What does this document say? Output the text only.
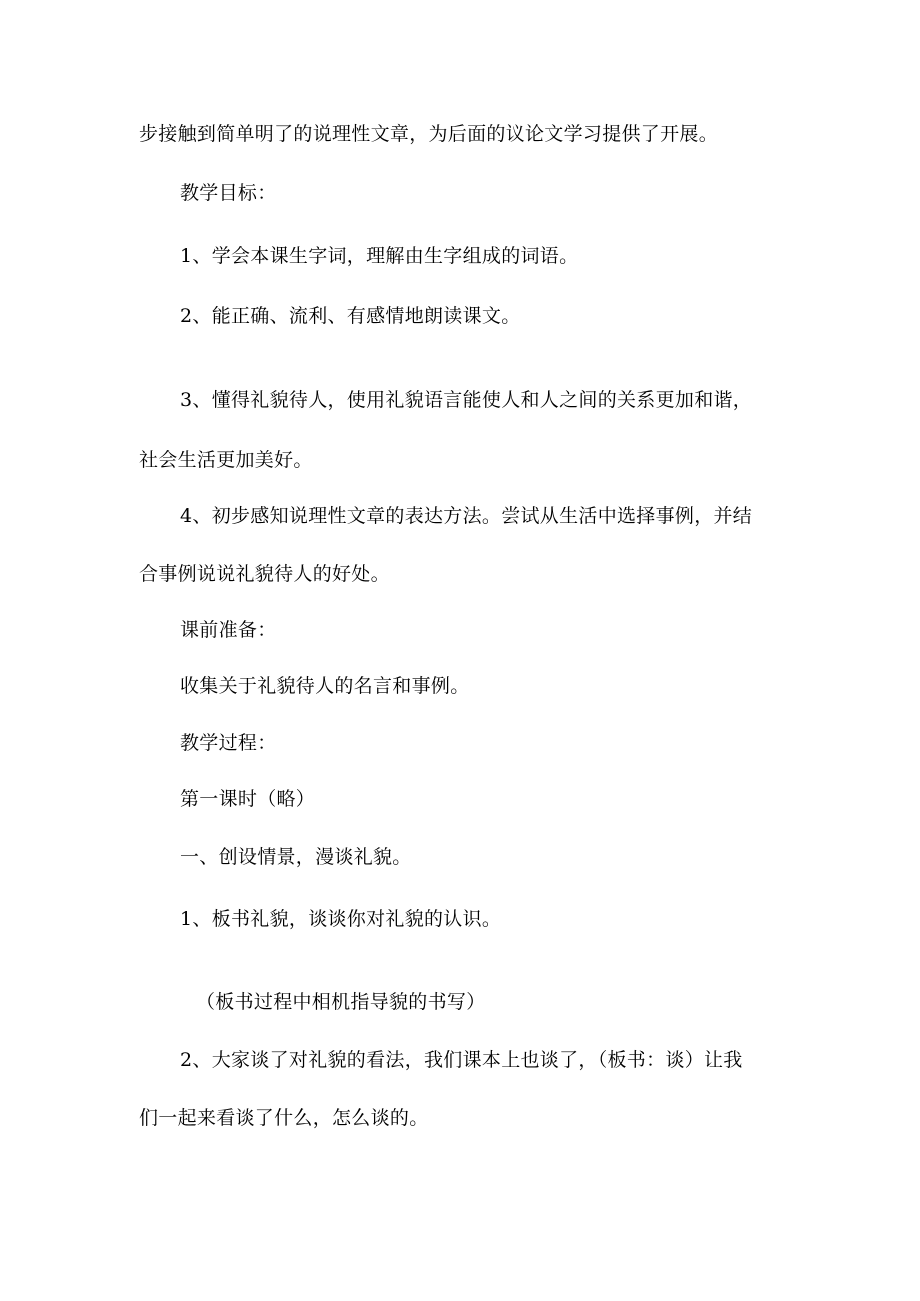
步接触到简单明了的说理性文章，为后面的议论文学习提供了开展。
教学目标：
1、学会本课生字词，理解由生字组成的词语。
2、能正确、流利、有感情地朗读课文。
3、懂得礼貌待人，使用礼貌语言能使人和人之间的关系更加和谐，
社会生活更加美好。
4、初步感知说理性文章的表达方法。尝试从生活中选择事例，并结
合事例说说礼貌待人的好处。
课前准备：
收集关于礼貌待人的名言和事例。
教学过程：
第一课时（略）
一、创设情景，漫谈礼貌。
1、板书礼貌，谈谈你对礼貌的认识。
（板书过程中相机指导貌的书写）
2、大家谈了对礼貌的看法，我们课本上也谈了，（板书：谈）让我
们一起来看谈了什么，怎么谈的。
